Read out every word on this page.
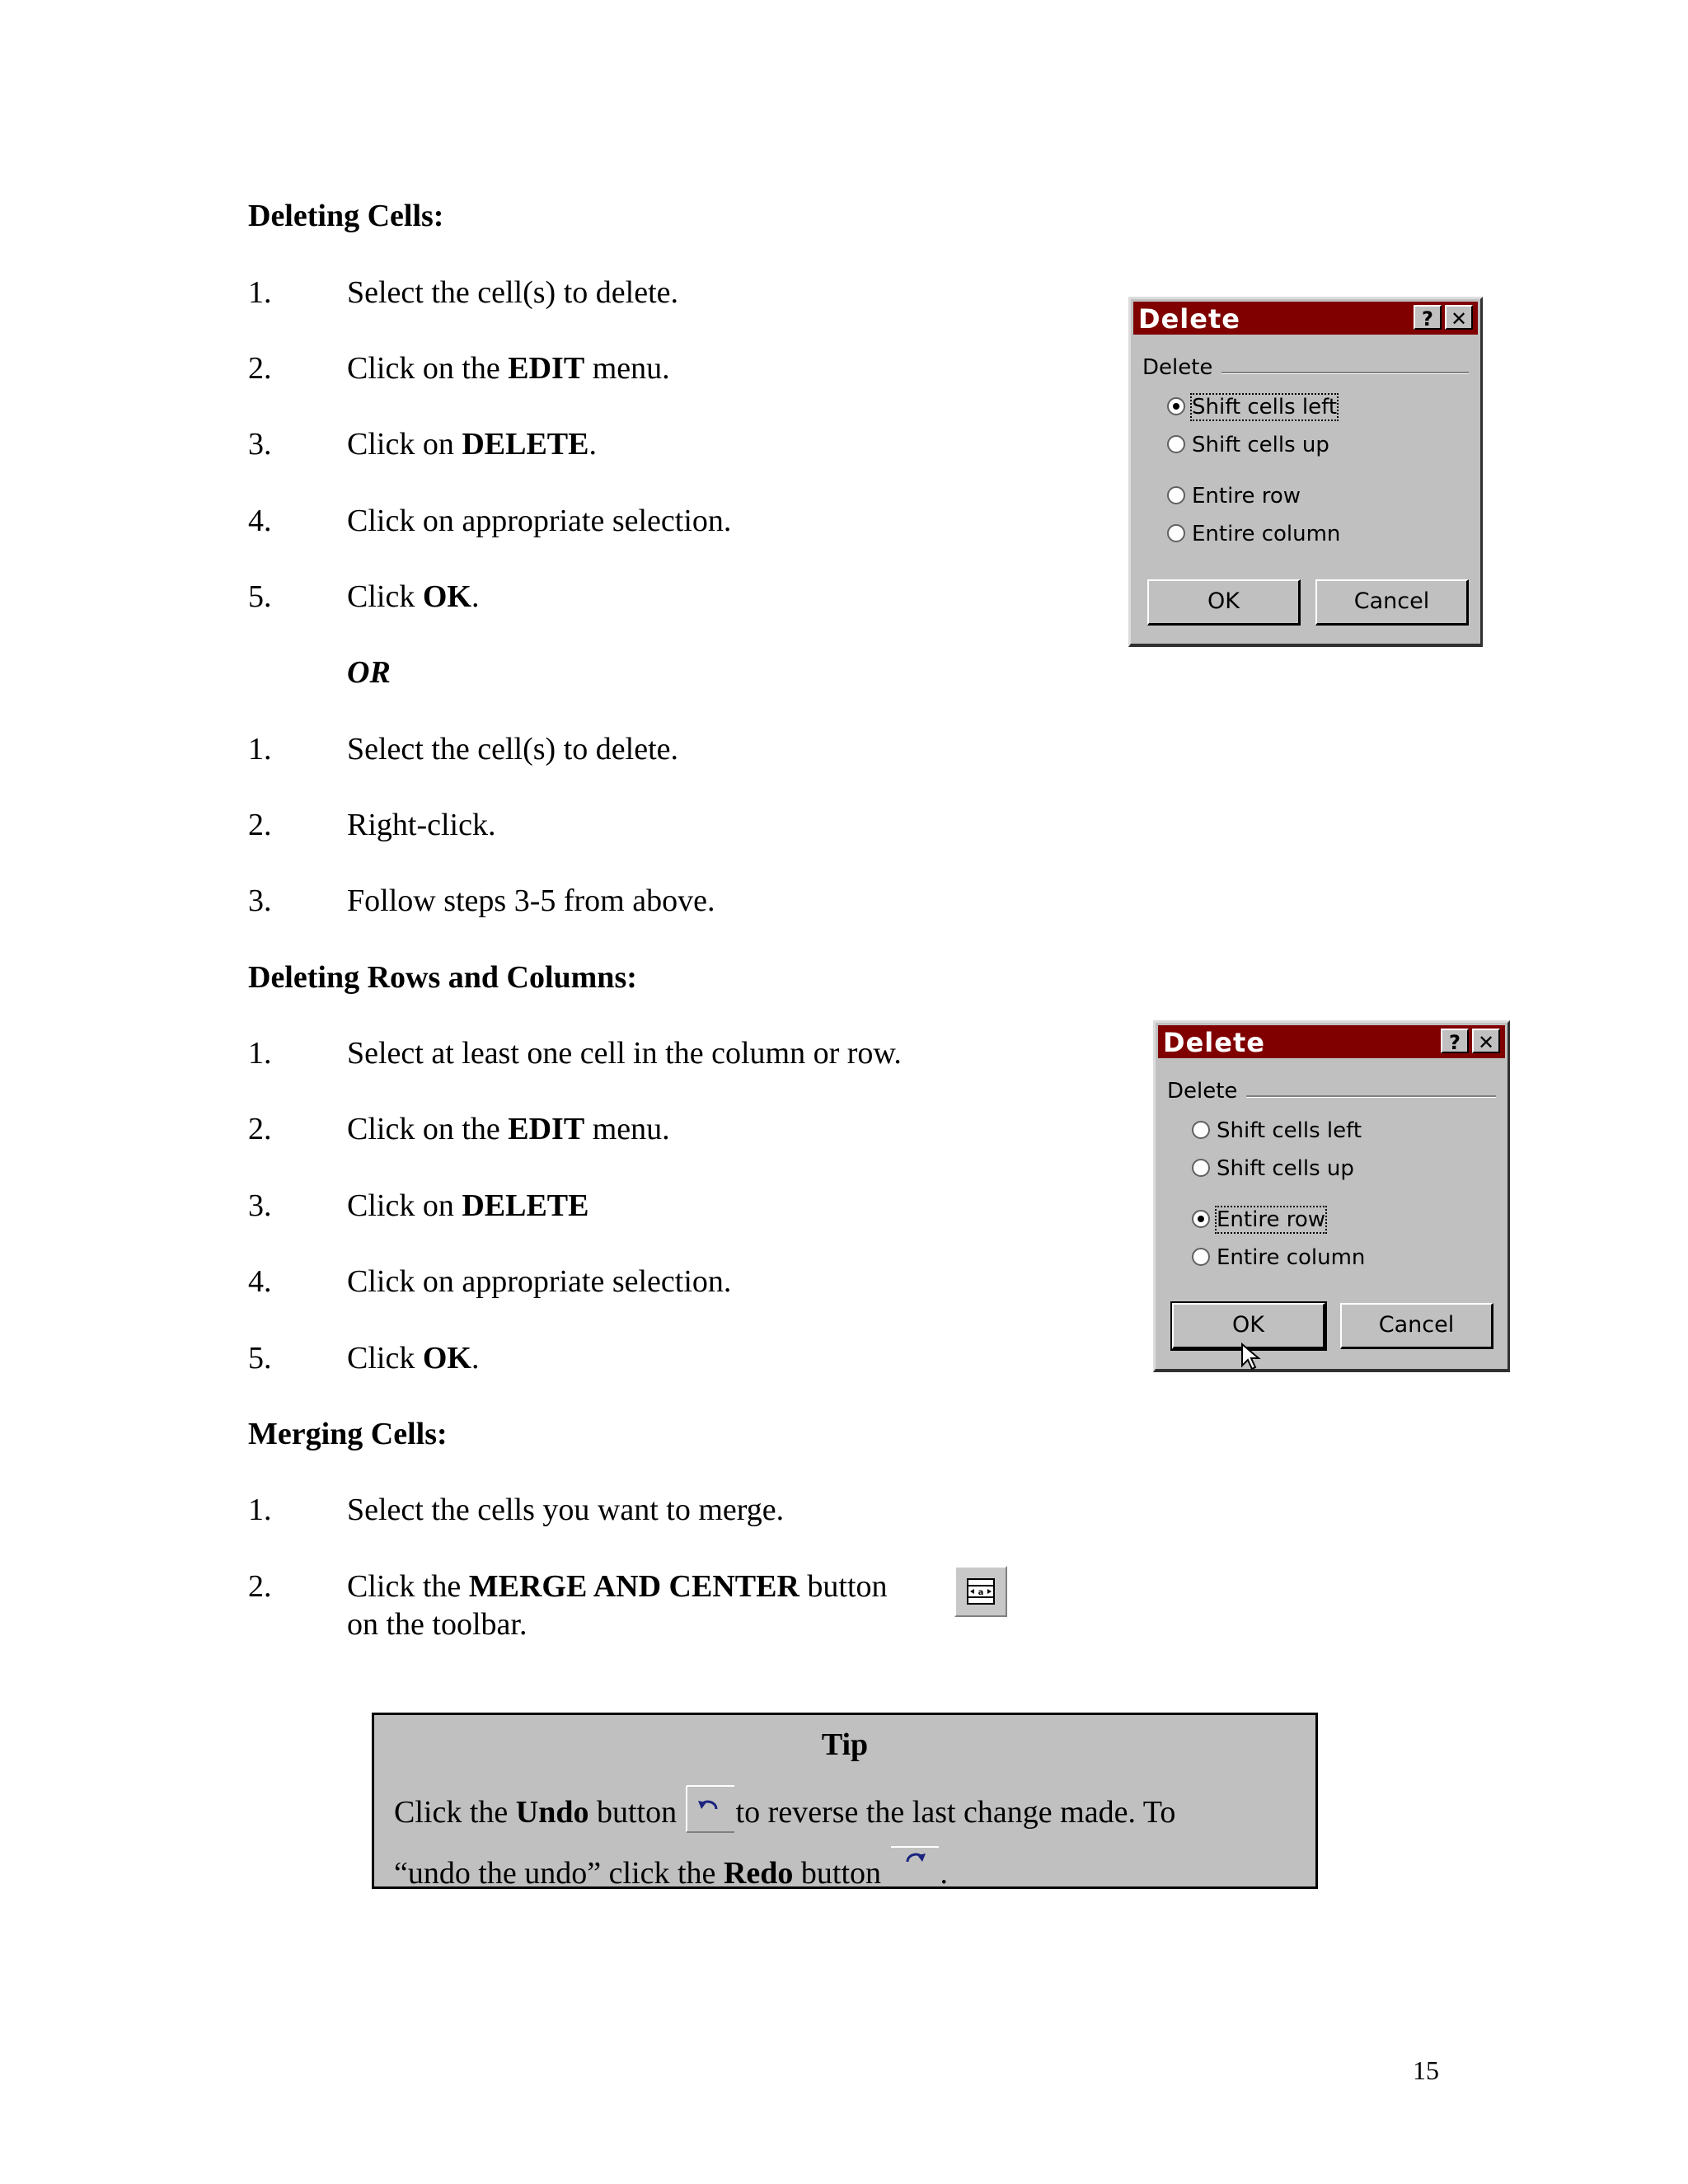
Deleting Cells:
1. Select the cell(s) to delete.
2. Click on the EDIT menu.
3. Click on DELETE.
4. Click on appropriate selection.
5. Click OK.
OR
1. Select the cell(s) to delete.
2. Right-click.
3. Follow steps 3-5 from above.
Deleting Rows and Columns:
1. Select at least one cell in the column or row.
2. Click on the EDIT menu.
3. Click on DELETE
4. Click on appropriate selection.
5. Click OK.
Merging Cells:
1. Select the cells you want to merge.
2. Click the MERGE AND CENTER button
on the toolbar.
a
Delete	? ✕
Delete
Shift cells left
Shift cells up
Entire row
Entire column
OK	Cancel
Delete	? ✕
Delete
Shift cells left
Shift cells up
Entire row
Entire column
OK	Cancel
Tip
Click the Undo button to reverse the last change made. To
“undo the undo” click the Redo button .
15
